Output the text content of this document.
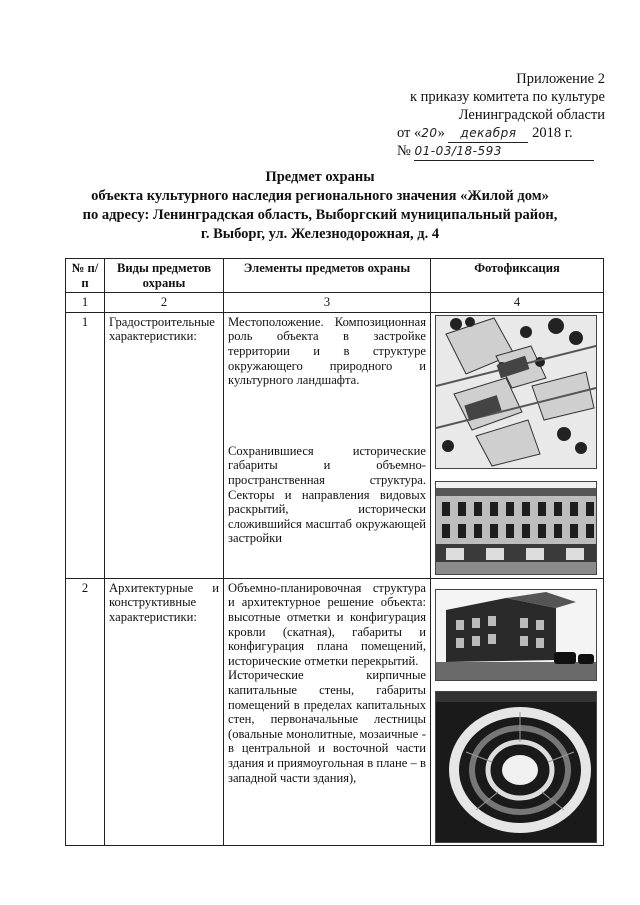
Приложение 2
к приказу комитета по культуре
Ленинградской области
от «20» декабря 2018 г.
№ 01-03/18-593
Предмет охраны
объекта культурного наследия регионального значения «Жилой дом»
по адресу: Ленинградская область, Выборгский муниципальный район,
г. Выборг, ул. Железнодорожная, д. 4
№ п/п	Виды предметов охраны	Элементы предметов охраны	Фотофиксация
1	2	3	4
1	Градостроительные характеристики:	Местоположение. Композиционная роль объекта в застройке территории и в структуре окружающего природного и культурного ландшафта.
Сохранившиеся исторические габариты и объемно-пространственная структура. Секторы и направления видовых раскрытий, исторически сложившийся масштаб окружающей застройки

2	Архитектурные и конструктивные характеристики:	Объемно-планировочная структура и архитектурное решение объекта: высотные отметки и конфигурация кровли (скатная), габариты и конфигурация плана помещений, исторические отметки перекрытий.
Исторические кирпичные капитальные стены, габариты помещений в пределах капитальных стен, первоначальные лестницы (овальные монолитные, мозаичные - в центральной и восточной части здания и приямоугольная в плане – в западной части здания),
